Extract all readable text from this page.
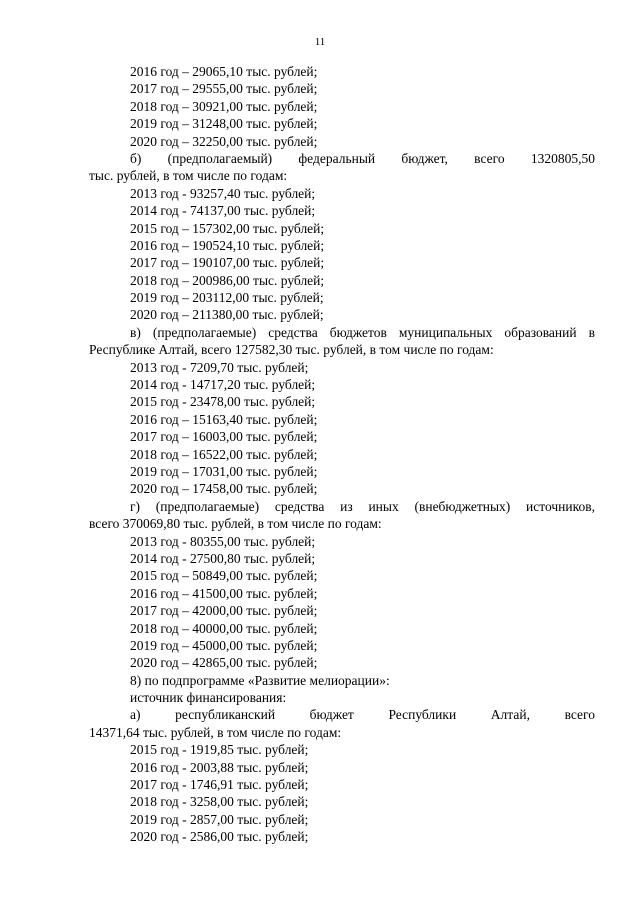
11
2016 год – 29065,10 тыс. рублей;
2017 год – 29555,00 тыс. рублей;
2018 год – 30921,00 тыс. рублей;
2019 год – 31248,00 тыс. рублей;
2020 год – 32250,00 тыс. рублей;
б) (предполагаемый) федеральный бюджет, всего 1320805,50
тыс. рублей, в том числе по годам:
2013 год - 93257,40 тыс. рублей;
2014 год - 74137,00 тыс. рублей;
2015 год – 157302,00 тыс. рублей;
2016 год – 190524,10 тыс. рублей;
2017 год – 190107,00 тыс. рублей;
2018 год – 200986,00 тыс. рублей;
2019 год – 203112,00 тыс. рублей;
2020 год – 211380,00 тыс. рублей;
в) (предполагаемые) средства бюджетов муниципальных образований в
Республике Алтай, всего 127582,30 тыс. рублей, в том числе по годам:
2013 год - 7209,70 тыс. рублей;
2014 год - 14717,20 тыс. рублей;
2015 год - 23478,00 тыс. рублей;
2016 год – 15163,40 тыс. рублей;
2017 год – 16003,00 тыс. рублей;
2018 год – 16522,00 тыс. рублей;
2019 год – 17031,00 тыс. рублей;
2020 год – 17458,00 тыс. рублей;
г) (предполагаемые) средства из иных (внебюджетных) источников,
всего 370069,80 тыс. рублей, в том числе по годам:
2013 год - 80355,00 тыс. рублей;
2014 год - 27500,80 тыс. рублей;
2015 год – 50849,00 тыс. рублей;
2016 год – 41500,00 тыс. рублей;
2017 год – 42000,00 тыс. рублей;
2018 год – 40000,00 тыс. рублей;
2019 год – 45000,00 тыс. рублей;
2020 год – 42865,00 тыс. рублей;
8) по подпрограмме «Развитие мелиорации»:
источник финансирования:
а)	республиканский	бюджет	Республики	Алтай,	всего
14371,64 тыс. рублей, в том числе по годам:
2015 год - 1919,85 тыс. рублей;
2016 год - 2003,88 тыс. рублей;
2017 год - 1746,91 тыс. рублей;
2018 год - 3258,00 тыс. рублей;
2019 год - 2857,00 тыс. рублей;
2020 год - 2586,00 тыс. рублей;
